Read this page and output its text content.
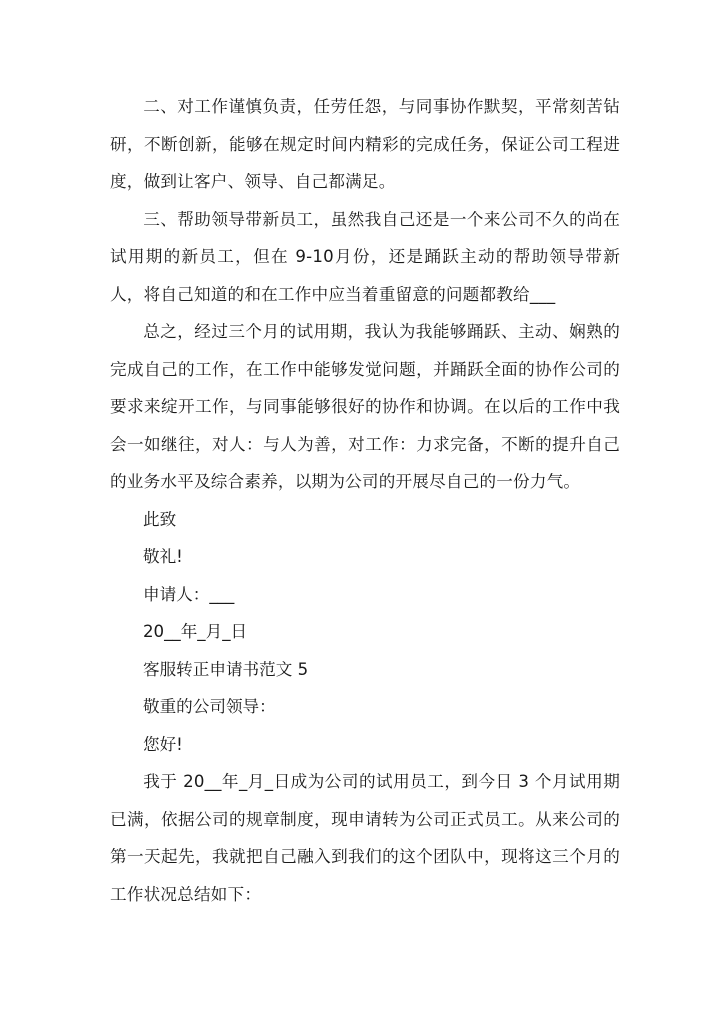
二、对工作谨慎负责，任劳任怨，与同事协作默契，平常刻苦钻研，不断创新，能够在规定时间内精彩的完成任务，保证公司工程进度，做到让客户、领导、自己都满足。

三、帮助领导带新员工，虽然我自己还是一个来公司不久的尚在试用期的新员工，但在 9-10月份，还是踊跃主动的帮助领导带新人，将自己知道的和在工作中应当着重留意的问题都教给___

总之，经过三个月的试用期，我认为我能够踊跃、主动、娴熟的完成自己的工作，在工作中能够发觉问题，并踊跃全面的协作公司的要求来绽开工作，与同事能够很好的协作和协调。在以后的工作中我会一如继往，对人：与人为善，对工作：力求完备，不断的提升自己的业务水平及综合素养，以期为公司的开展尽自己的一份力气。

此致

敬礼!

申请人：___

20__年_月_日

客服转正申请书范文 5

敬重的公司领导：

您好!

我于 20__年_月_日成为公司的试用员工，到今日 3 个月试用期已满，依据公司的规章制度，现申请转为公司正式员工。从来公司的第一天起先，我就把自己融入到我们的这个团队中，现将这三个月的工作状况总结如下：
